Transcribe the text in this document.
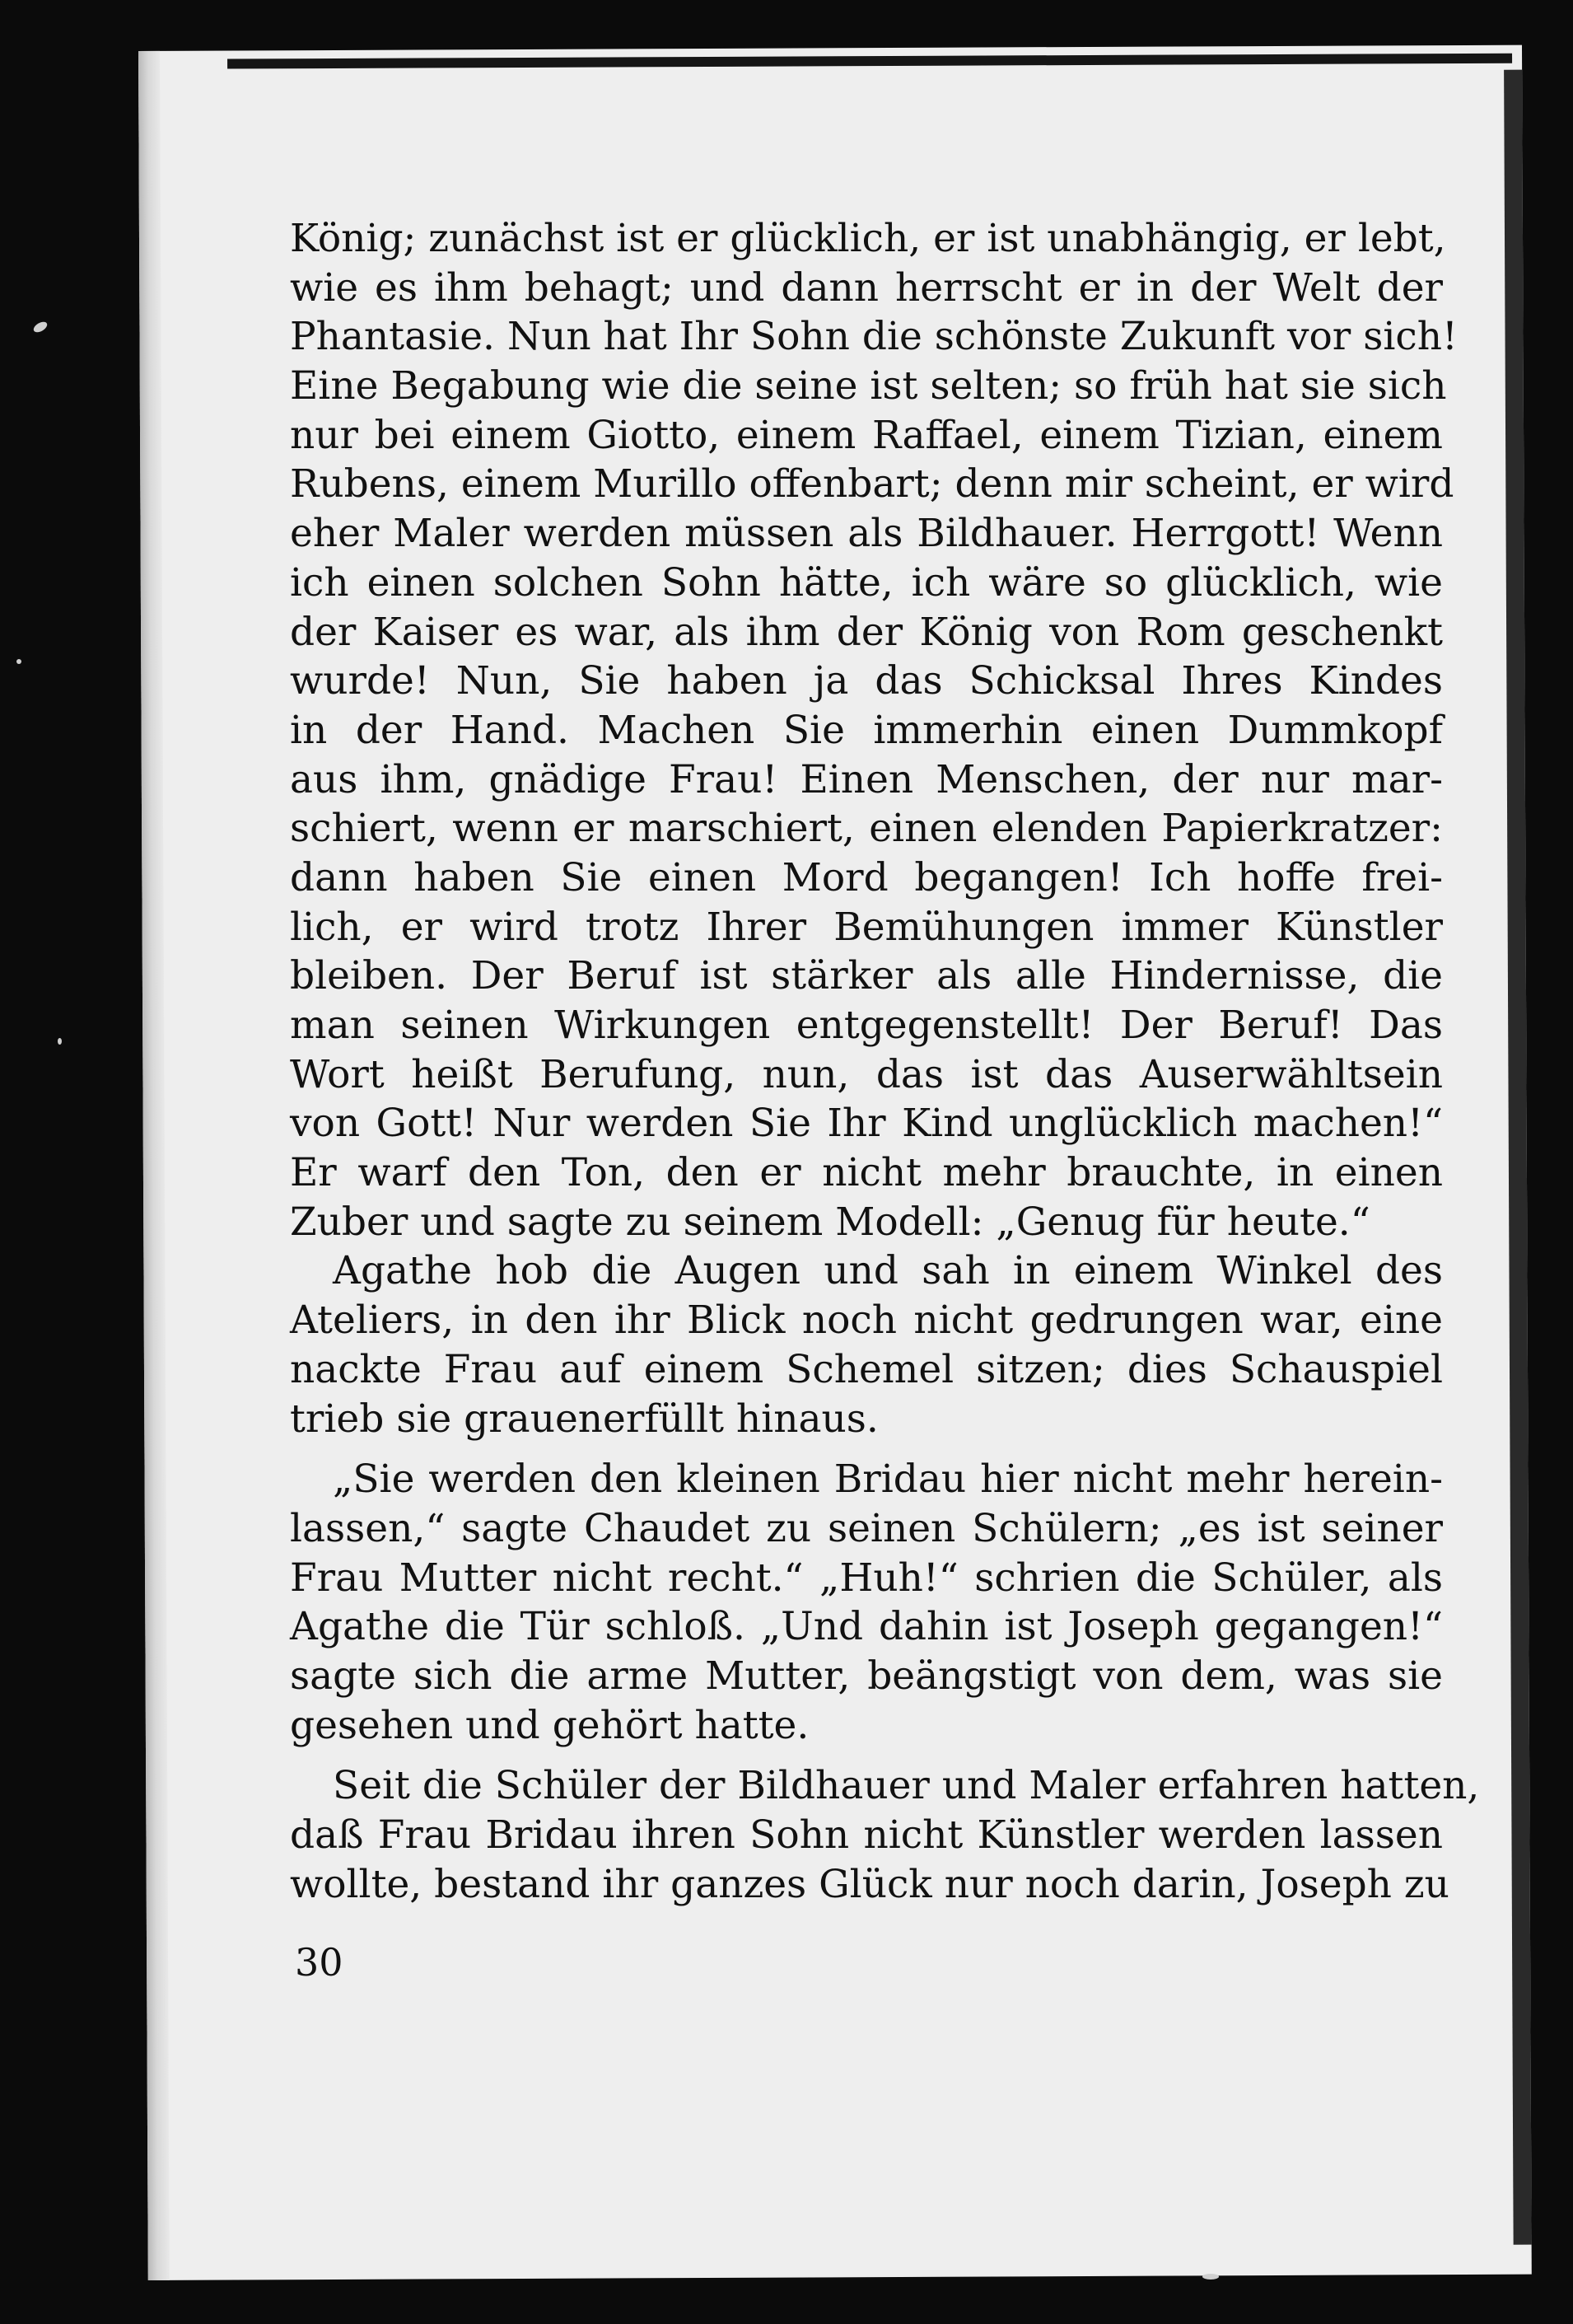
König; zunächst ist er glücklich, er ist unabhängig, er lebt,
wie es ihm behagt; und dann herrscht er in der Welt der
Phantasie. Nun hat Ihr Sohn die schönste Zukunft vor sich!
Eine Begabung wie die seine ist selten; so früh hat sie sich
nur bei einem Giotto, einem Raffael, einem Tizian, einem
Rubens, einem Murillo offenbart; denn mir scheint, er wird
eher Maler werden müssen als Bildhauer. Herrgott! Wenn
ich einen solchen Sohn hätte, ich wäre so glücklich, wie
der Kaiser es war, als ihm der König von Rom geschenkt
wurde! Nun, Sie haben ja das Schicksal Ihres Kindes
in der Hand. Machen Sie immerhin einen Dummkopf
aus ihm, gnädige Frau! Einen Menschen, der nur mar-
schiert, wenn er marschiert, einen elenden Papierkratzer:
dann haben Sie einen Mord begangen! Ich hoffe frei-
lich, er wird trotz Ihrer Bemühungen immer Künstler
bleiben. Der Beruf ist stärker als alle Hindernisse, die
man seinen Wirkungen entgegenstellt! Der Beruf! Das
Wort heißt Berufung, nun, das ist das Auserwähltsein
von Gott! Nur werden Sie Ihr Kind unglücklich machen!“
Er warf den Ton, den er nicht mehr brauchte, in einen
Zuber und sagte zu seinem Modell: „Genug für heute.“
Agathe hob die Augen und sah in einem Winkel des
Ateliers, in den ihr Blick noch nicht gedrungen war, eine
nackte Frau auf einem Schemel sitzen; dies Schauspiel
trieb sie grauenerfüllt hinaus.
„Sie werden den kleinen Bridau hier nicht mehr herein-
lassen,“ sagte Chaudet zu seinen Schülern; „es ist seiner
Frau Mutter nicht recht.“ „Huh!“ schrien die Schüler, als
Agathe die Tür schloß. „Und dahin ist Joseph gegangen!“
sagte sich die arme Mutter, beängstigt von dem, was sie
gesehen und gehört hatte.
Seit die Schüler der Bildhauer und Maler erfahren hatten,
daß Frau Bridau ihren Sohn nicht Künstler werden lassen
wollte, bestand ihr ganzes Glück nur noch darin, Joseph zu
30
